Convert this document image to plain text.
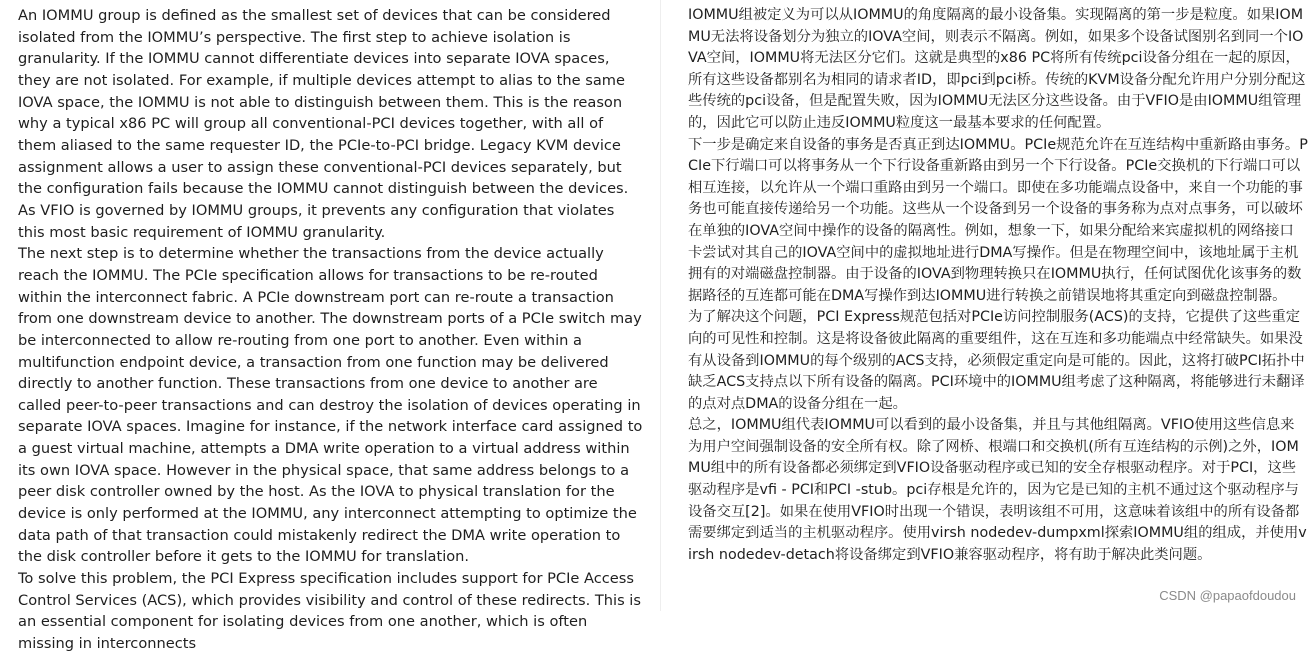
An IOMMU group is defined as the smallest set of devices that can be considered isolated from the IOMMU’s perspective. The first step to achieve isolation is granularity. If the IOMMU cannot differentiate devices into separate IOVA spaces, they are not isolated. For example, if multiple devices attempt to alias to the same IOVA space, the IOMMU is not able to distinguish between them. This is the reason why a typical x86 PC will group all conventional-PCI devices together, with all of them aliased to the same requester ID, the PCIe-to-PCI bridge. Legacy KVM device assignment allows a user to assign these conventional-PCI devices separately, but the configuration fails because the IOMMU cannot distinguish between the devices. As VFIO is governed by IOMMU groups, it prevents any configuration that violates this most basic requirement of IOMMU granularity.

The next step is to determine whether the transactions from the device actually reach the IOMMU. The PCIe specification allows for transactions to be re-routed within the interconnect fabric. A PCIe downstream port can re-route a transaction from one downstream device to another. The downstream ports of a PCIe switch may be interconnected to allow re-routing from one port to another. Even within a multifunction endpoint device, a transaction from one function may be delivered directly to another function. These transactions from one device to another are called peer-to-peer transactions and can destroy the isolation of devices operating in separate IOVA spaces. Imagine for instance, if the network interface card assigned to a guest virtual machine, attempts a DMA write operation to a virtual address within its own IOVA space. However in the physical space, that same address belongs to a peer disk controller owned by the host. As the IOVA to physical translation for the device is only performed at the IOMMU, any interconnect attempting to optimize the data path of that transaction could mistakenly redirect the DMA write operation to the disk controller before it gets to the IOMMU for translation.

To solve this problem, the PCI Express specification includes support for PCIe Access Control Services (ACS), which provides visibility and control of these redirects. This is an essential component for isolating devices from one another, which is often missing in interconnects

IOMMU组被定义为可以从IOMMU的角度隔离的最小设备集。实现隔离的第一步是粒度。如果IOMMU无法将设备划分为独立的IOVA空间，则表示不隔离。例如，如果多个设备试图别名到同一个IOVA空间，IOMMU将无法区分它们。这就是典型的x86 PC将所有传统pci设备分组在一起的原因，所有这些设备都别名为相同的请求者ID，即pci到pci桥。传统的KVM设备分配允许用户分别分配这些传统的pci设备，但是配置失败，因为IOMMU无法区分这些设备。由于VFIO是由IOMMU组管理的，因此它可以防止违反IOMMU粒度这一最基本要求的任何配置。

下一步是确定来自设备的事务是否真正到达IOMMU。PCIe规范允许在互连结构中重新路由事务。PCIe下行端口可以将事务从一个下行设备重新路由到另一个下行设备。PCIe交换机的下行端口可以相互连接，以允许从一个端口重路由到另一个端口。即使在多功能端点设备中，来自一个功能的事务也可能直接传递给另一个功能。这些从一个设备到另一个设备的事务称为点对点事务，可以破坏在单独的IOVA空间中操作的设备的隔离性。例如，想象一下，如果分配给来宾虚拟机的网络接口卡尝试对其自己的IOVA空间中的虚拟地址进行DMA写操作。但是在物理空间中，该地址属于主机拥有的对端磁盘控制器。由于设备的IOVA到物理转换只在IOMMU执行，任何试图优化该事务的数据路径的互连都可能在DMA写操作到达IOMMU进行转换之前错误地将其重定向到磁盘控制器。

为了解决这个问题，PCI Express规范包括对PCIe访问控制服务(ACS)的支持，它提供了这些重定向的可见性和控制。这是将设备彼此隔离的重要组件，这在互连和多功能端点中经常缺失。如果没有从设备到IOMMU的每个级别的ACS支持，必须假定重定向是可能的。因此，这将打破PCI拓扑中缺乏ACS支持点以下所有设备的隔离。PCI环境中的IOMMU组考虑了这种隔离，将能够进行未翻译的点对点DMA的设备分组在一起。

总之，IOMMU组代表IOMMU可以看到的最小设备集，并且与其他组隔离。VFIO使用这些信息来为用户空间强制设备的安全所有权。除了网桥、根端口和交换机(所有互连结构的示例)之外，IOMMU组中的所有设备都必须绑定到VFIO设备驱动程序或已知的安全存根驱动程序。对于PCI，这些驱动程序是vfi - PCI和PCI -stub。pci存根是允许的，因为它是已知的主机不通过这个驱动程序与设备交互[2]。如果在使用VFIO时出现一个错误，表明该组不可用，这意味着该组中的所有设备都需要绑定到适当的主机驱动程序。使用virsh nodedev-dumpxml探索IOMMU组的组成，并使用virsh nodedev-detach将设备绑定到VFIO兼容驱动程序，将有助于解决此类问题。

CSDN @papaofdoudou
